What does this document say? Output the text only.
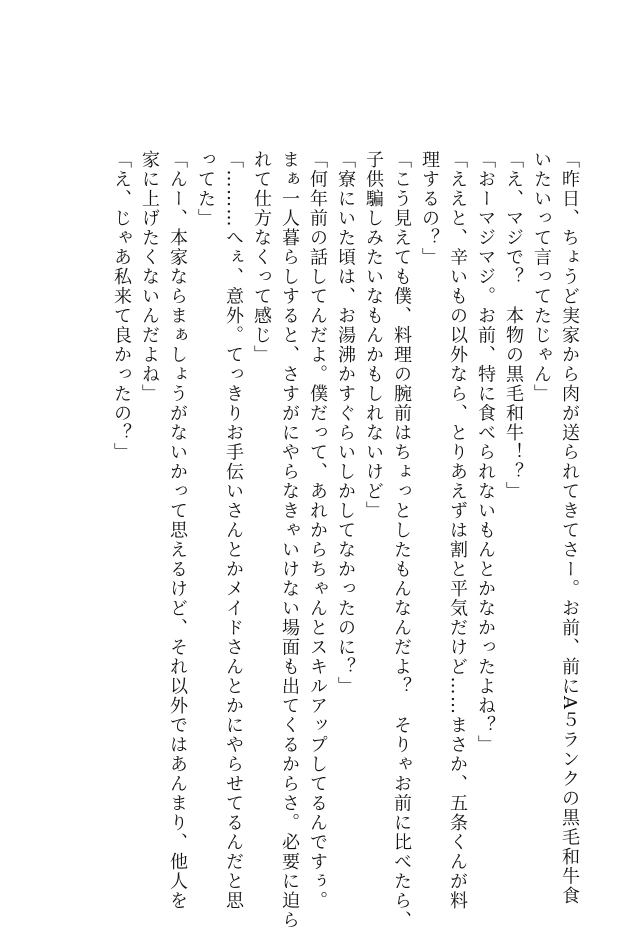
「昨日、ちょうど実家から肉が送られてきてさー。お前、前にA５ランクの黒毛和牛食
いたいって言ってたじゃん」
「え、マジで？　本物の黒毛和牛！？」
「おーマジマジ。お前、特に食べられないもんとかなかったよね？」
「ええと、辛いもの以外なら、とりあえずは割と平気だけど……まさか、五条くんが料
理するの？」
「こう見えても僕、料理の腕前はちょっとしたもんなんだよ？　そりゃお前に比べたら、
子供騙しみたいなもんかもしれないけど」
「寮にいた頃は、お湯沸かすぐらいしかしてなかったのに？」
「何年前の話してんだよ。僕だって、あれからちゃんとスキルアップしてるんですぅ。
まぁ一人暮らしすると、さすがにやらなきゃいけない場面も出てくるからさ。必要に迫ら
れて仕方なくって感じ」
「………へぇ、意外。てっきりお手伝いさんとかメイドさんとかにやらせてるんだと思
ってた」
「んー、本家ならまぁしょうがないかって思えるけど、それ以外ではあんまり、他人を
家に上げたくないんだよね」
「え、じゃあ私来て良かったの？」
